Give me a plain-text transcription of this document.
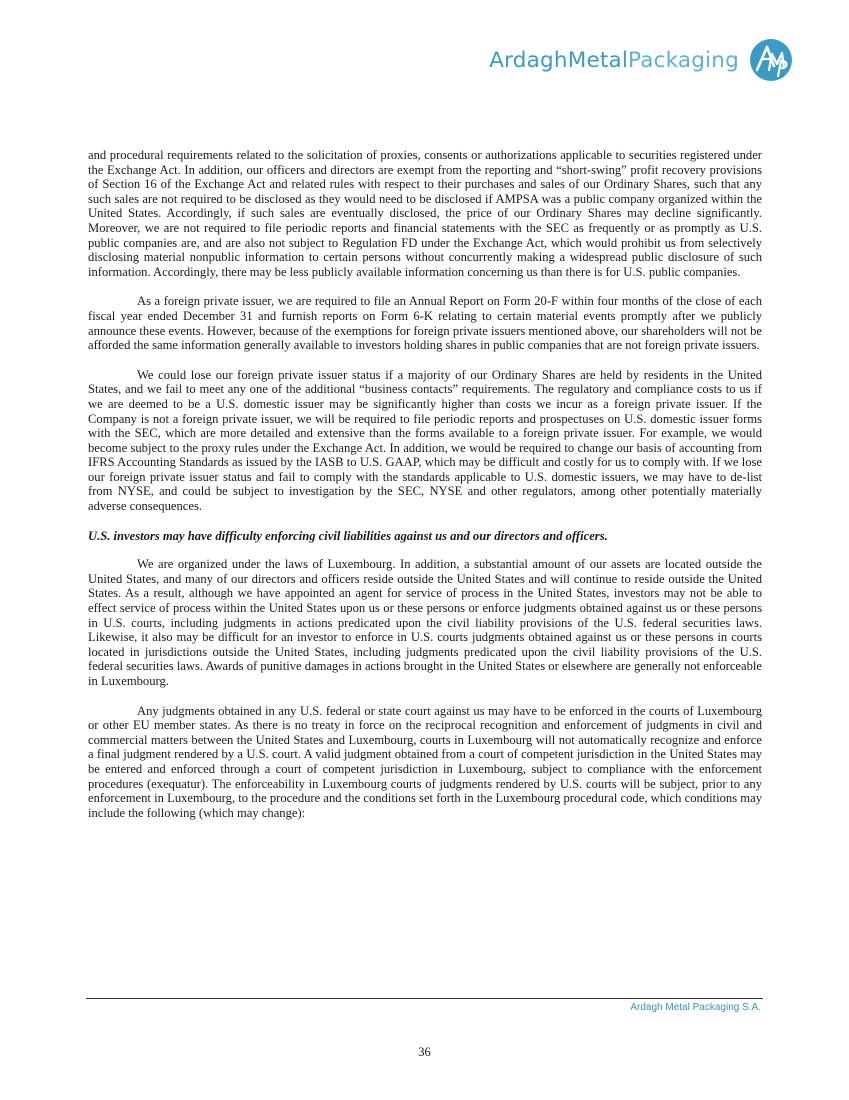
ArdaghMetalPackaging

and procedural requirements related to the solicitation of proxies, consents or authorizations applicable to securities registered under the Exchange Act. In addition, our officers and directors are exempt from the reporting and “short-swing” profit recovery provisions of Section 16 of the Exchange Act and related rules with respect to their purchases and sales of our Ordinary Shares, such that any such sales are not required to be disclosed as they would need to be disclosed if AMPSA was a public company organized within the United States. Accordingly, if such sales are eventually disclosed, the price of our Ordinary Shares may decline significantly. Moreover, we are not required to file periodic reports and financial statements with the SEC as frequently or as promptly as U.S. public companies are, and are also not subject to Regulation FD under the Exchange Act, which would prohibit us from selectively disclosing material nonpublic information to certain persons without concurrently making a widespread public disclosure of such information. Accordingly, there may be less publicly available information concerning us than there is for U.S. public companies.

As a foreign private issuer, we are required to file an Annual Report on Form 20-F within four months of the close of each fiscal year ended December 31 and furnish reports on Form 6-K relating to certain material events promptly after we publicly announce these events. However, because of the exemptions for foreign private issuers mentioned above, our shareholders will not be afforded the same information generally available to investors holding shares in public companies that are not foreign private issuers.

We could lose our foreign private issuer status if a majority of our Ordinary Shares are held by residents in the United States, and we fail to meet any one of the additional “business contacts” requirements. The regulatory and compliance costs to us if we are deemed to be a U.S. domestic issuer may be significantly higher than costs we incur as a foreign private issuer. If the Company is not a foreign private issuer, we will be required to file periodic reports and prospectuses on U.S. domestic issuer forms with the SEC, which are more detailed and extensive than the forms available to a foreign private issuer. For example, we would become subject to the proxy rules under the Exchange Act. In addition, we would be required to change our basis of accounting from IFRS Accounting Standards as issued by the IASB to U.S. GAAP, which may be difficult and costly for us to comply with. If we lose our foreign private issuer status and fail to comply with the standards applicable to U.S. domestic issuers, we may have to de-list from NYSE, and could be subject to investigation by the SEC, NYSE and other regulators, among other potentially materially adverse consequences.

U.S. investors may have difficulty enforcing civil liabilities against us and our directors and officers.

We are organized under the laws of Luxembourg. In addition, a substantial amount of our assets are located outside the United States, and many of our directors and officers reside outside the United States and will continue to reside outside the United States. As a result, although we have appointed an agent for service of process in the United States, investors may not be able to effect service of process within the United States upon us or these persons or enforce judgments obtained against us or these persons in U.S. courts, including judgments in actions predicated upon the civil liability provisions of the U.S. federal securities laws. Likewise, it also may be difficult for an investor to enforce in U.S. courts judgments obtained against us or these persons in courts located in jurisdictions outside the United States, including judgments predicated upon the civil liability provisions of the U.S. federal securities laws. Awards of punitive damages in actions brought in the United States or elsewhere are generally not enforceable in Luxembourg.

Any judgments obtained in any U.S. federal or state court against us may have to be enforced in the courts of Luxembourg or other EU member states. As there is no treaty in force on the reciprocal recognition and enforcement of judgments in civil and commercial matters between the United States and Luxembourg, courts in Luxembourg will not automatically recognize and enforce a final judgment rendered by a U.S. court. A valid judgment obtained from a court of competent jurisdiction in the United States may be entered and enforced through a court of competent jurisdiction in Luxembourg, subject to compliance with the enforcement procedures (exequatur). The enforceability in Luxembourg courts of judgments rendered by U.S. courts will be subject, prior to any enforcement in Luxembourg, to the procedure and the conditions set forth in the Luxembourg procedural code, which conditions may include the following (which may change):

Ardagh Metal Packaging S.A.
36
